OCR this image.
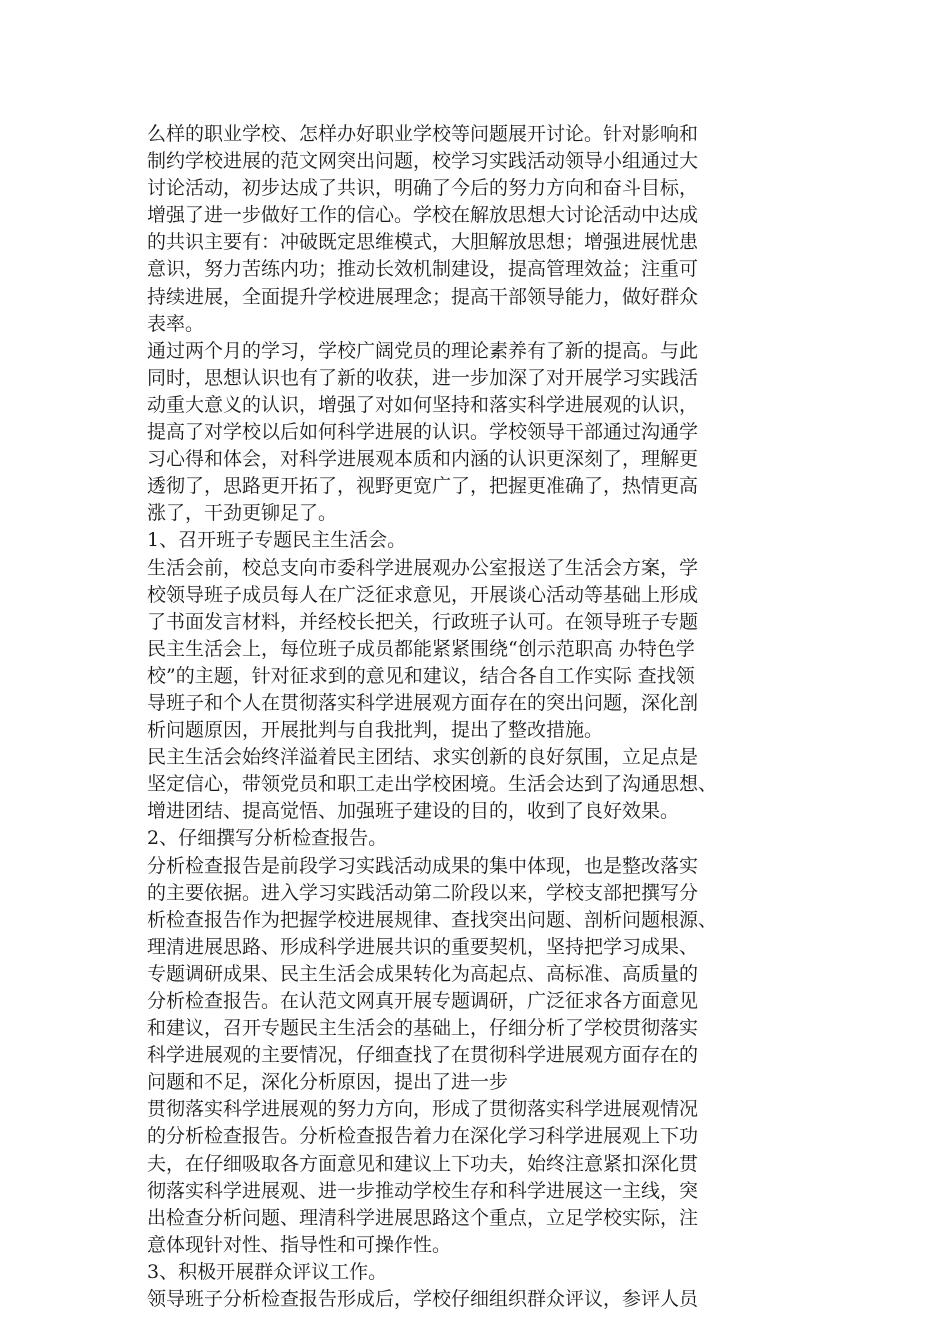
么样的职业学校、怎样办好职业学校等问题展开讨论。针对影响和
制约学校进展的范文网突出问题，校学习实践活动领导小组通过大
讨论活动，初步达成了共识，明确了今后的努力方向和奋斗目标，
增强了进一步做好工作的信心。学校在解放思想大讨论活动中达成
的共识主要有：冲破既定思维模式，大胆解放思想；增强进展忧患
意识，努力苦练内功；推动长效机制建设，提高管理效益；注重可
持续进展，全面提升学校进展理念；提高干部领导能力，做好群众
表率。
通过两个月的学习，学校广阔党员的理论素养有了新的提高。与此
同时，思想认识也有了新的收获，进一步加深了对开展学习实践活
动重大意义的认识，增强了对如何坚持和落实科学进展观的认识，
提高了对学校以后如何科学进展的认识。学校领导干部通过沟通学
习心得和体会，对科学进展观本质和内涵的认识更深刻了，理解更
透彻了，思路更开拓了，视野更宽广了，把握更准确了，热情更高
涨了，干劲更铆足了。
1、召开班子专题民主生活会。
生活会前，校总支向市委科学进展观办公室报送了生活会方案，学
校领导班子成员每人在广泛征求意见，开展谈心活动等基础上形成
了书面发言材料，并经校长把关，行政班子认可。在领导班子专题
民主生活会上，每位班子成员都能紧紧围绕“创示范职高 办特色学
校”的主题，针对征求到的意见和建议，结合各自工作实际 查找领
导班子和个人在贯彻落实科学进展观方面存在的突出问题，深化剖
析问题原因，开展批判与自我批判，提出了整改措施。
民主生活会始终洋溢着民主团结、求实创新的良好氛围，立足点是
坚定信心，带领党员和职工走出学校困境。生活会达到了沟通思想、
增进团结、提高觉悟、加强班子建设的目的，收到了良好效果。
2、仔细撰写分析检查报告。
分析检查报告是前段学习实践活动成果的集中体现，也是整改落实
的主要依据。进入学习实践活动第二阶段以来，学校支部把撰写分
析检查报告作为把握学校进展规律、查找突出问题、剖析问题根源、
理清进展思路、形成科学进展共识的重要契机，坚持把学习成果、
专题调研成果、民主生活会成果转化为高起点、高标准、高质量的
分析检查报告。在认范文网真开展专题调研，广泛征求各方面意见
和建议，召开专题民主生活会的基础上，仔细分析了学校贯彻落实
科学进展观的主要情况，仔细查找了在贯彻科学进展观方面存在的
问题和不足，深化分析原因，提出了进一步
贯彻落实科学进展观的努力方向，形成了贯彻落实科学进展观情况
的分析检查报告。分析检查报告着力在深化学习科学进展观上下功
夫，在仔细吸取各方面意见和建议上下功夫，始终注意紧扣深化贯
彻落实科学进展观、进一步推动学校生存和科学进展这一主线，突
出检查分析问题、理清科学进展思路这个重点，立足学校实际，注
意体现针对性、指导性和可操作性。
3、积极开展群众评议工作。
领导班子分析检查报告形成后，学校仔细组织群众评议，参评人员
